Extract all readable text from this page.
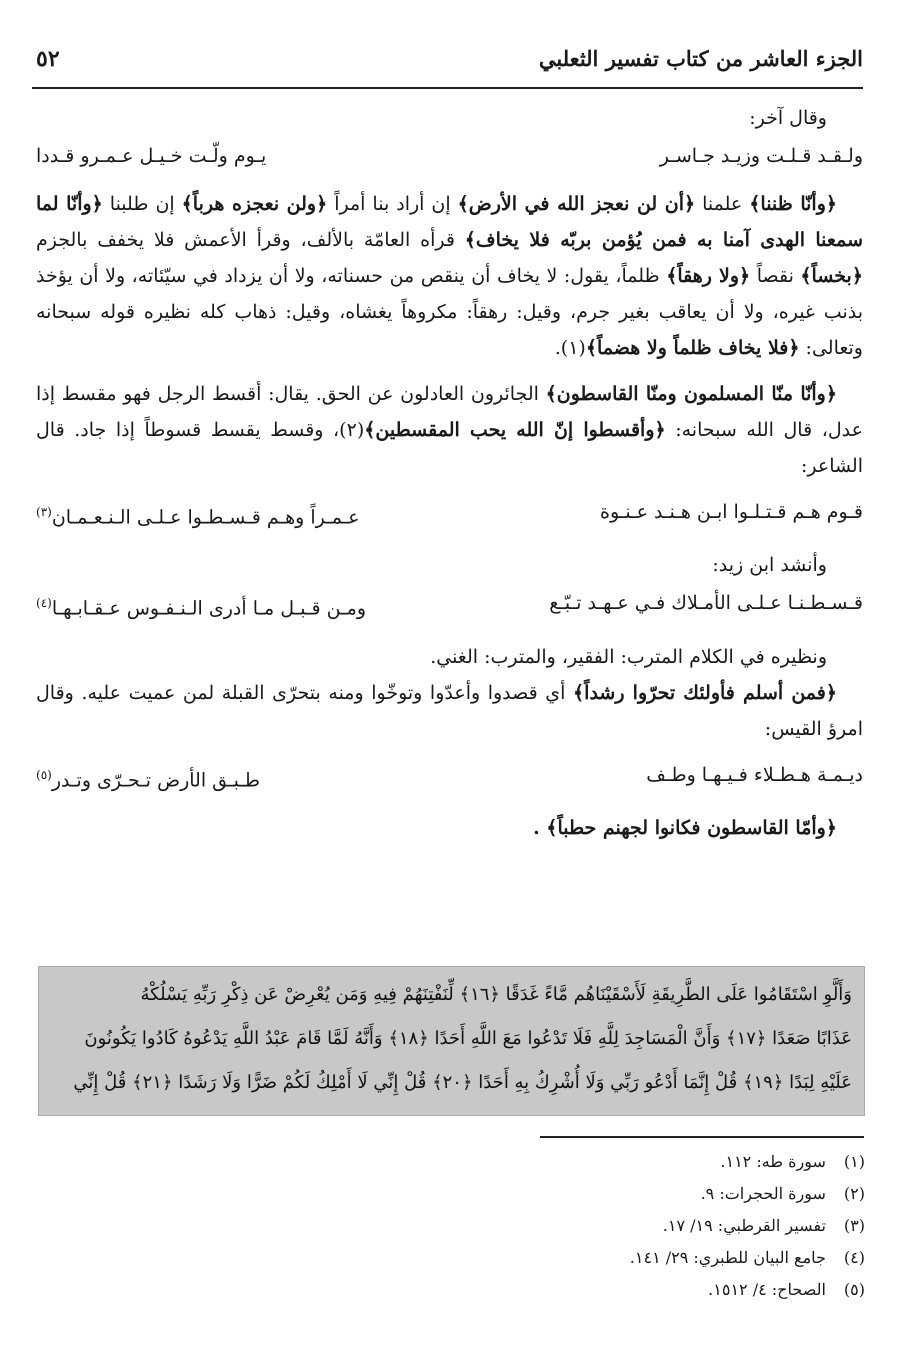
الجزء العاشر من كتاب تفسير الثعلبي
٥٢

وقال آخر:

ولـقـد قـلـت وزيـد جـاسـر
يـوم ولّـت خـيـل عـمـرو قـددا

﴿وأنّا ظننا﴾ علمنا ﴿أن لن نعجز الله في الأرض﴾ إن أراد بنا أمراً ﴿ولن نعجزه هرباً﴾ إن طلبنا ﴿وأنّا لما سمعنا الهدى آمنا به فمن يُؤمن بربّه فلا يخاف﴾ قرأه العامّة بالألف، وقرأ الأعمش فلا يخفف بالجزم ﴿بخساً﴾ نقصاً ﴿ولا رهقاً﴾ ظلماً، يقول: لا يخاف أن ينقص من حسناته، ولا أن يزداد في سيّئاته، ولا أن يؤخذ بذنب غيره، ولا أن يعاقب بغير جرم، وقيل: رهقاً: مكروهاً يغشاه، وقيل: ذهاب كله نظيره قوله سبحانه وتعالى: ﴿فلا يخاف ظلماً ولا هضماً﴾(١).

﴿وأنّا منّا المسلمون ومنّا القاسطون﴾ الجائرون العادلون عن الحق. يقال: أقسط الرجل فهو مقسط إذا عدل، قال الله سبحانه: ﴿وأقسطوا إنّ الله يحب المقسطين﴾(٢)، وقسط يقسط قسوطاً إذا جاد. قال الشاعر:

قـوم هـم قـتـلـوا ابـن هـنـد عـنـوة
عـمـراً وهـم قـسـطـوا عـلـى الـنـعـمـان$^{(٣)}$

وأنشد ابن زيد:

قـسـطـنـا عـلـى الأمـلاك فـي عـهـد تـبّـع
ومـن قـبـل مـا أدرى الـنـفـوس عـقـابـهـا$^{(٤)}$

ونظيره في الكلام المترب: الفقير، والمترب: الغني.

﴿فمن أسلم فأولئك تحرّوا رشداً﴾ أي قصدوا وأعدّوا وتوخّوا ومنه بتحرّى القبلة لمن عميت عليه. وقال امرؤ القيس:

ديـمـة هـطـلاء فـيـهـا وطـف
طـبـق الأرض تـحـرّى وتـدر$^{(٥)}$

﴿وأمّا القاسطون فكانوا لجهنم حطباً﴾ .

وَأَلَّوِ اسْتَقَامُوا عَلَى الطَّرِيقَةِ لَأَسْقَيْنَاهُم مَّاءً غَدَقًا ﴿١٦﴾ لِّنَفْتِنَهُمْ فِيهِ وَمَن يُعْرِضْ عَن ذِكْرِ رَبِّهِ يَسْلُكْهُ
عَذَابًا صَعَدًا ﴿١٧﴾ وَأَنَّ الْمَسَاجِدَ لِلَّهِ فَلَا تَدْعُوا مَعَ اللَّهِ أَحَدًا ﴿١٨﴾ وَأَنَّهُ لَمَّا قَامَ عَبْدُ اللَّهِ يَدْعُوهُ كَادُوا يَكُونُونَ
عَلَيْهِ لِبَدًا ﴿١٩﴾ قُلْ إِنَّمَا أَدْعُو رَبِّي وَلَا أُشْرِكُ بِهِ أَحَدًا ﴿٢٠﴾ قُلْ إِنِّي لَا أَمْلِكُ لَكُمْ ضَرًّا وَلَا رَشَدًا ﴿٢١﴾ قُلْ إِنِّي
(١) سورة طه: ١١٢.
(٢) سورة الحجرات: ٩.
(٣) تفسير القرطبي: ١٩/ ١٧.
(٤) جامع البيان للطبري: ٢٩/ ١٤١.
(٥) الصحاح: ٤/ ١٥١٢.
